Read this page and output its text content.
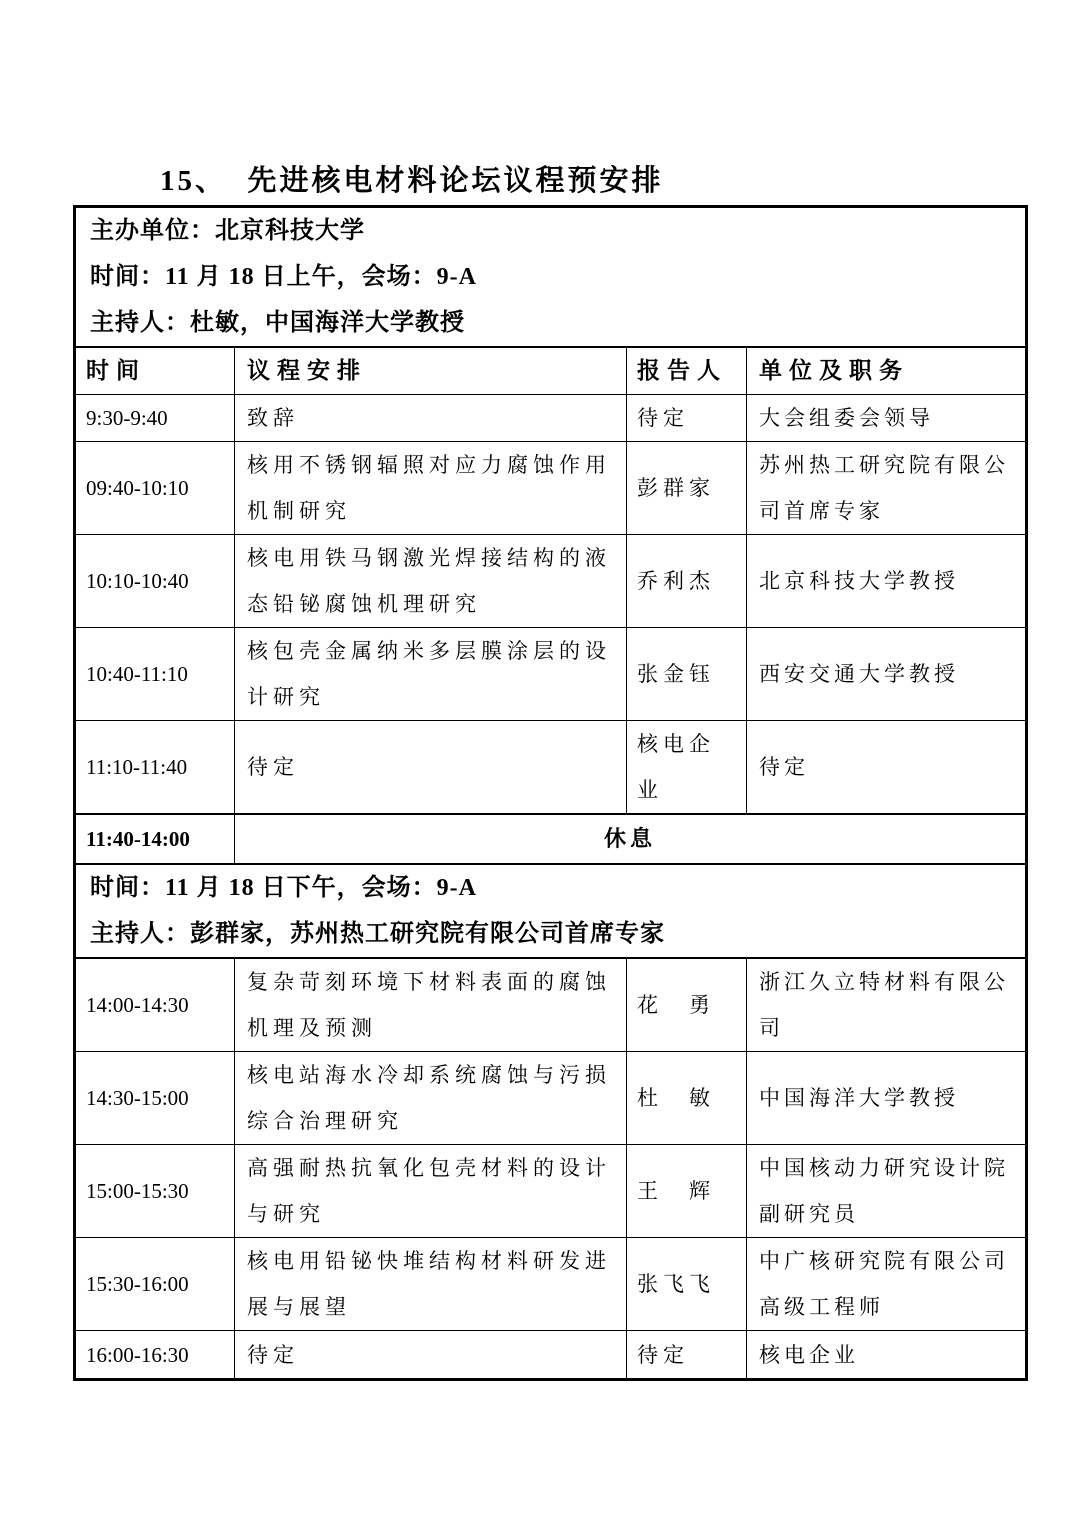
15、  先进核电材料论坛议程预安排
主办单位：北京科技大学
时间：11 月 18 日上午，会场：9-A
主持人：杜敏，中国海洋大学教授			

时间	议程安排	报告人	单位及职务
9:30-9:40	致辞	待定	大会组委会领导
09:40-10:10	核用不锈钢辐照对应力腐蚀作用机制研究	彭群家	苏州热工研究院有限公司首席专家
10:10-10:40	核电用铁马钢激光焊接结构的液态铅铋腐蚀机理研究	乔利杰	北京科技大学教授
10:40-11:10	核包壳金属纳米多层膜涂层的设计研究	张金钰	西安交通大学教授
11:10-11:40	待定	核电企业	待定
11:40-14:00	休息		

时间：11 月 18 日下午，会场：9-A
主持人：彭群家，苏州热工研究院有限公司首席专家			

14:00-14:30	复杂苛刻环境下材料表面的腐蚀机理及预测	花　勇	浙江久立特材料有限公司
14:30-15:00	核电站海水冷却系统腐蚀与污损综合治理研究	杜　敏	中国海洋大学教授
15:00-15:30	高强耐热抗氧化包壳材料的设计与研究	王　辉	中国核动力研究设计院副研究员
15:30-16:00	核电用铅铋快堆结构材料研发进展与展望	张飞飞	中广核研究院有限公司高级工程师
16:00-16:30	待定	待定	核电企业
